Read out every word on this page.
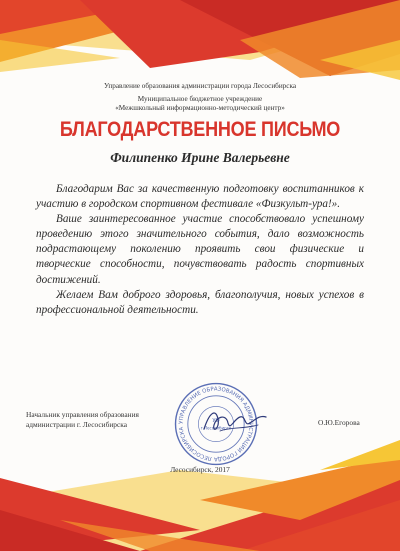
Управление образования администрации города Лесосибирска
Муниципальное бюджетное учреждение
«Межшкольный информационно-методический центр»
БЛАГОДАРСТВЕННОЕ ПИСЬМО
Филипенко Ирине Валерьевне

Благодарим Вас за качественную подготовку воспитанников к участию в городском спортивном фестивале «Физкульт-ура!».

Ваше заинтересованное участие способствовало успешному проведению этого значительного события, дало возможность подрастающему поколению проявить свои физические и творческие способности, почувствовать радость спортивных достижений.

Желаем Вам доброго здоровья, благополучия, новых успехов в профессиональной деятельности.

Начальник управления образования
администрации г. Лесосибирска	УПРАВЛЕНИЕ ОБРАЗОВАНИЯ АДМИНИСТРАЦИИ ГОРОДА ЛЕСОСИБИРСКА
УО
г.Лесосибирск
О.Ю.Егорова
Лесосибирск, 2017
